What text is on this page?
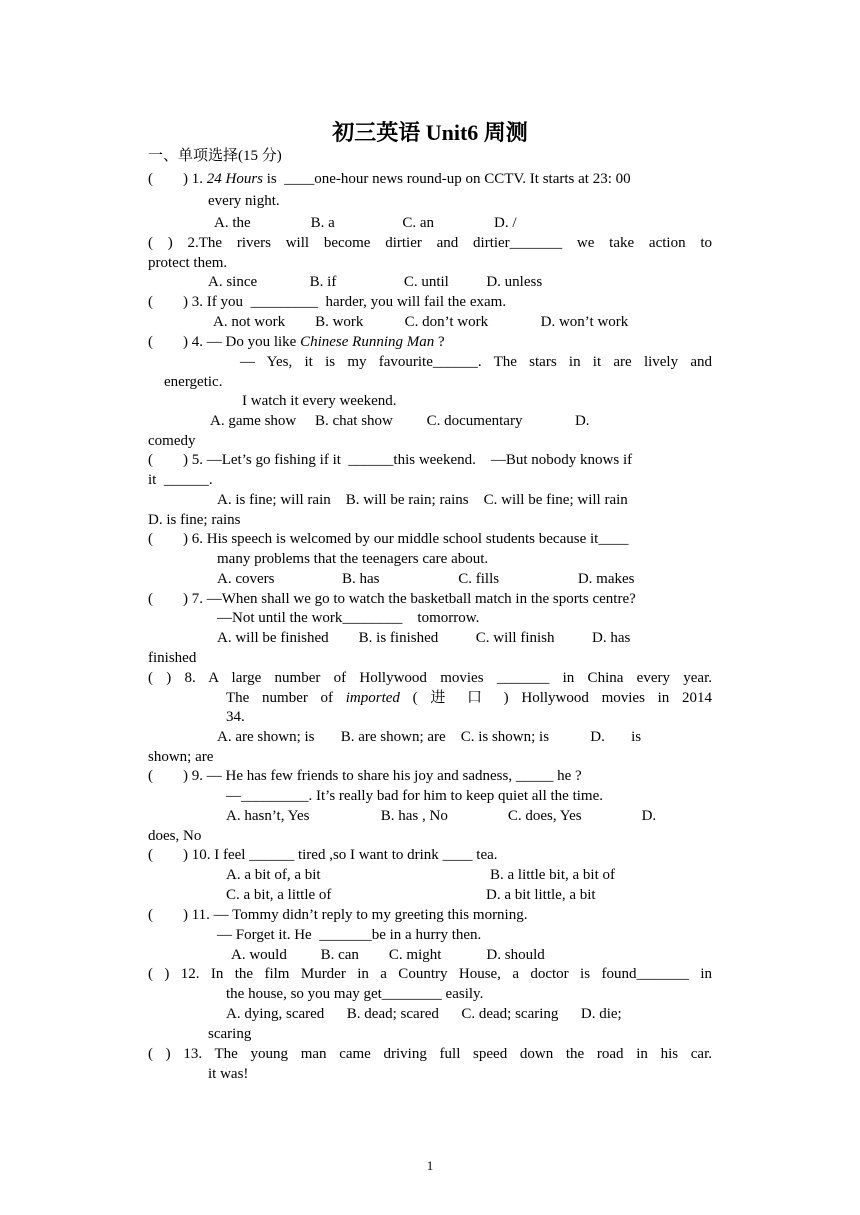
初三英语 Unit6 周测
一、单项选择(15 分)
(        ) 1. 24 Hours is  ____one-hour news round-up on CCTV. It starts at 23: 00
every night.
A. the                B. a                  C. an                D. /
( ) 2.The rivers will become dirtier and dirtier_______ we take action to
protect them.
A. since              B. if                  C. until          D. unless
(        ) 3. If you  _________  harder, you will fail the exam.
A. not work        B. work           C. don’t work              D. won’t work
(        ) 4. — Do you like Chinese Running Man ?
— Yes, it is my favourite______. The stars in it are lively and
energetic.
I watch it every weekend.
A. game show     B. chat show         C. documentary              D.
comedy
(        ) 5. —Let’s go fishing if it  ______this weekend.    —But nobody knows if
it  ______.
A. is fine; will rain    B. will be rain; rains    C. will be fine; will rain
D. is fine; rains
(        ) 6. His speech is welcomed by our middle school students because it____
many problems that the teenagers care about.
A. covers                  B. has                     C. fills                     D. makes
(        ) 7. —When shall we go to watch the basketball match in the sports centre?
—Not until the work________    tomorrow.
A. will be finished        B. is finished          C. will finish          D. has
finished
( ) 8. A large number of Hollywood movies _______ in China every year.
The number of imported ( 进 口 ) Hollywood movies in 2014
34.
A. are shown; is       B. are shown; are    C. is shown; is           D.       is
shown; are
(        ) 9. — He has few friends to share his joy and sadness, _____ he ?
—_________. It’s really bad for him to keep quiet all the time.
A. hasn’t, Yes                   B. has , No                C. does, Yes                D.
does, No
(        ) 10. I feel ______ tired ,so I want to drink ____ tea.
A. a bit of, a bit	B. a little bit, a bit of
C. a bit, a little of	D. a bit little, a bit
(        ) 11. — Tommy didn’t reply to my greeting this morning.
— Forget it. He  _______be in a hurry then.
A. would         B. can        C. might            D. should
( ) 12. In the film Murder in a Country House, a doctor is found_______ in
the house, so you may get________ easily.
A. dying, scared      B. dead; scared      C. dead; scaring      D. die;
scaring
( ) 13. The young man came driving full speed down the road in his car.
it was!
1
